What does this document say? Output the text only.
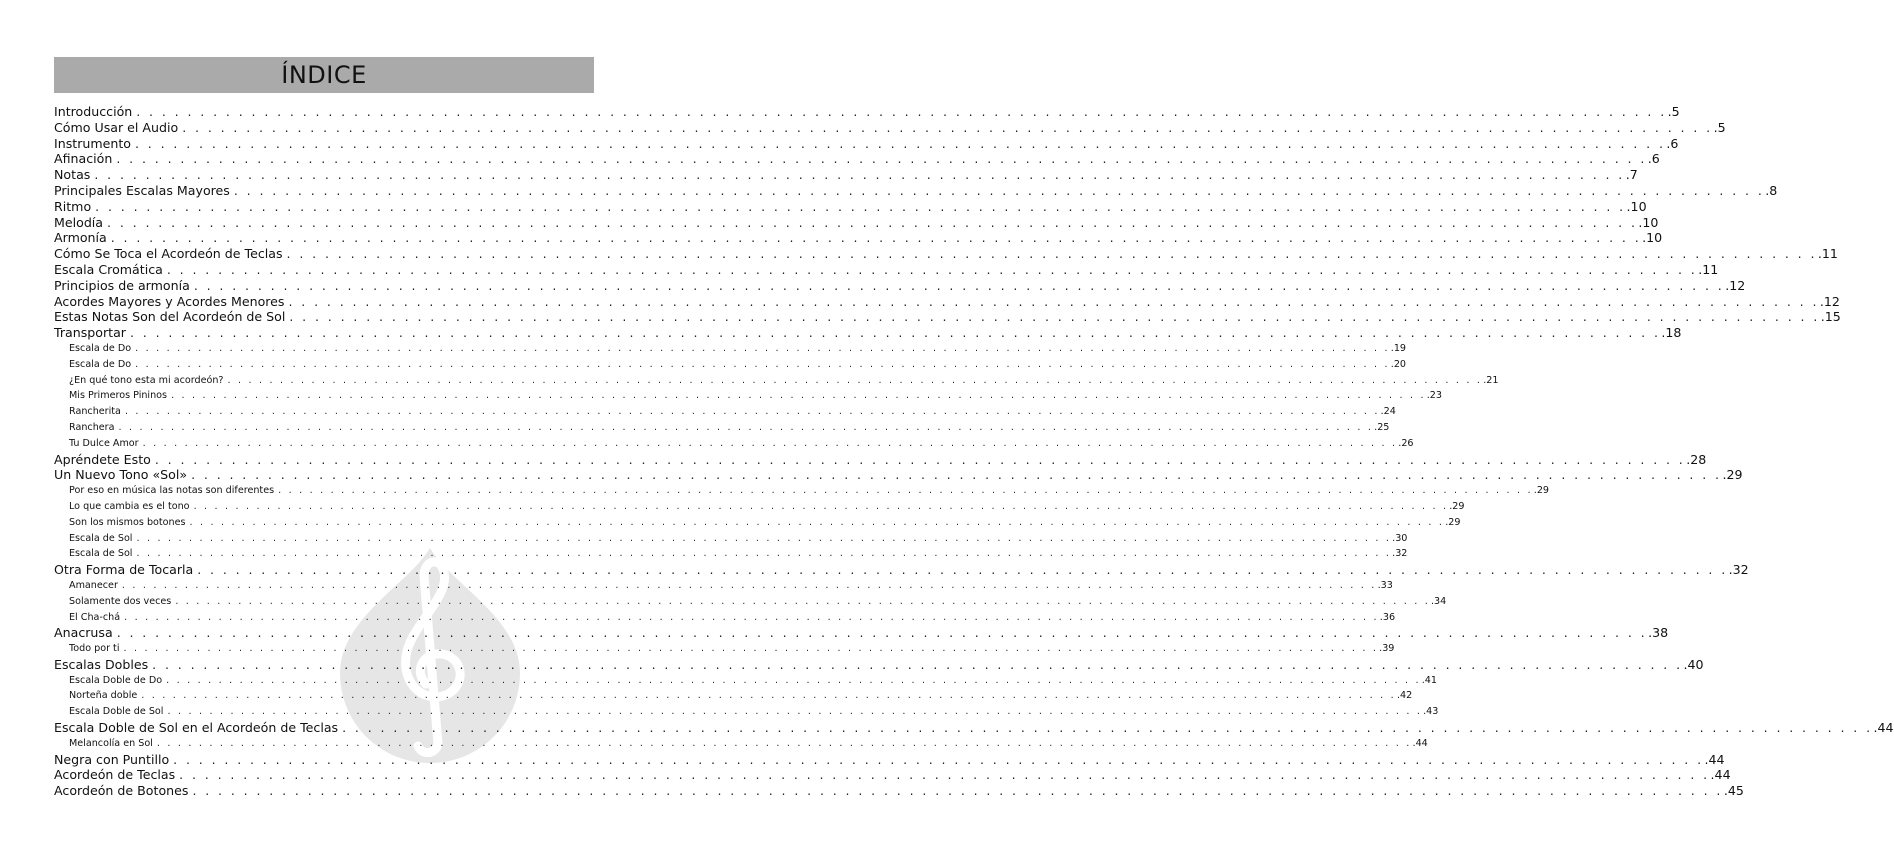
ÍNDICE
Introducción . . . . . . . . . . . . . . . . . . . . . . . . . . . . . . . . . . . . . . . . . . . . . . . . . . . . . . . . . . . . . . . . . . . . . . . . . . . . . . . . . . . . . . . . . . . . . . . . . . . . . . . . . . . . . . . . . . . . . . . . .5
Cómo Usar el Audio . . . . . . . . . . . . . . . . . . . . . . . . . . . . . . . . . . . . . . . . . . . . . . . . . . . . . . . . . . . . . . . . . . . . . . . . . . . . . . . . . . . . . . . . . . . . . . . . . . . . . . . . . . . . . . . . . . . . . . . . .5
Instrumento . . . . . . . . . . . . . . . . . . . . . . . . . . . . . . . . . . . . . . . . . . . . . . . . . . . . . . . . . . . . . . . . . . . . . . . . . . . . . . . . . . . . . . . . . . . . . . . . . . . . . . . . . . . . . . . . . . . . . . . . .6
Afinación . . . . . . . . . . . . . . . . . . . . . . . . . . . . . . . . . . . . . . . . . . . . . . . . . . . . . . . . . . . . . . . . . . . . . . . . . . . . . . . . . . . . . . . . . . . . . . . . . . . . . . . . . . . . . . . . . . . . . . . . .6
Notas . . . . . . . . . . . . . . . . . . . . . . . . . . . . . . . . . . . . . . . . . . . . . . . . . . . . . . . . . . . . . . . . . . . . . . . . . . . . . . . . . . . . . . . . . . . . . . . . . . . . . . . . . . . . . . . . . . . . . . . . .7
Principales Escalas Mayores . . . . . . . . . . . . . . . . . . . . . . . . . . . . . . . . . . . . . . . . . . . . . . . . . . . . . . . . . . . . . . . . . . . . . . . . . . . . . . . . . . . . . . . . . . . . . . . . . . . . . . . . . . . . . . . . . . . . . . . . .8
Ritmo . . . . . . . . . . . . . . . . . . . . . . . . . . . . . . . . . . . . . . . . . . . . . . . . . . . . . . . . . . . . . . . . . . . . . . . . . . . . . . . . . . . . . . . . . . . . . . . . . . . . . . . . . . . . . . . . . . . . . . . . .10
Melodía . . . . . . . . . . . . . . . . . . . . . . . . . . . . . . . . . . . . . . . . . . . . . . . . . . . . . . . . . . . . . . . . . . . . . . . . . . . . . . . . . . . . . . . . . . . . . . . . . . . . . . . . . . . . . . . . . . . . . . . . .10
Armonía . . . . . . . . . . . . . . . . . . . . . . . . . . . . . . . . . . . . . . . . . . . . . . . . . . . . . . . . . . . . . . . . . . . . . . . . . . . . . . . . . . . . . . . . . . . . . . . . . . . . . . . . . . . . . . . . . . . . . . . . .10
Cómo Se Toca el Acordeón de Teclas . . . . . . . . . . . . . . . . . . . . . . . . . . . . . . . . . . . . . . . . . . . . . . . . . . . . . . . . . . . . . . . . . . . . . . . . . . . . . . . . . . . . . . . . . . . . . . . . . . . . . . . . . . . . . . . . . . . . . . . . .11
Escala Cromática . . . . . . . . . . . . . . . . . . . . . . . . . . . . . . . . . . . . . . . . . . . . . . . . . . . . . . . . . . . . . . . . . . . . . . . . . . . . . . . . . . . . . . . . . . . . . . . . . . . . . . . . . . . . . . . . . . . . . . . . .11
Principios de armonía . . . . . . . . . . . . . . . . . . . . . . . . . . . . . . . . . . . . . . . . . . . . . . . . . . . . . . . . . . . . . . . . . . . . . . . . . . . . . . . . . . . . . . . . . . . . . . . . . . . . . . . . . . . . . . . . . . . . . . . . .12
Acordes Mayores y Acordes Menores . . . . . . . . . . . . . . . . . . . . . . . . . . . . . . . . . . . . . . . . . . . . . . . . . . . . . . . . . . . . . . . . . . . . . . . . . . . . . . . . . . . . . . . . . . . . . . . . . . . . . . . . . . . . . . . . . . . . . . . . .12
Estas Notas Son del Acordeón de Sol . . . . . . . . . . . . . . . . . . . . . . . . . . . . . . . . . . . . . . . . . . . . . . . . . . . . . . . . . . . . . . . . . . . . . . . . . . . . . . . . . . . . . . . . . . . . . . . . . . . . . . . . . . . . . . . . . . . . . . . . .15
Transportar . . . . . . . . . . . . . . . . . . . . . . . . . . . . . . . . . . . . . . . . . . . . . . . . . . . . . . . . . . . . . . . . . . . . . . . . . . . . . . . . . . . . . . . . . . . . . . . . . . . . . . . . . . . . . . . . . . . . . . . . .18
Escala de Do . . . . . . . . . . . . . . . . . . . . . . . . . . . . . . . . . . . . . . . . . . . . . . . . . . . . . . . . . . . . . . . . . . . . . . . . . . . . . . . . . . . . . . . . . . . . . . . . . . . . . . . . . . . . . . . . . . . . . . . . .19
Escala de Do . . . . . . . . . . . . . . . . . . . . . . . . . . . . . . . . . . . . . . . . . . . . . . . . . . . . . . . . . . . . . . . . . . . . . . . . . . . . . . . . . . . . . . . . . . . . . . . . . . . . . . . . . . . . . . . . . . . . . . . . .20
¿En qué tono esta mi acordeón? . . . . . . . . . . . . . . . . . . . . . . . . . . . . . . . . . . . . . . . . . . . . . . . . . . . . . . . . . . . . . . . . . . . . . . . . . . . . . . . . . . . . . . . . . . . . . . . . . . . . . . . . . . . . . . . . . . . . . . . . .21
Mis Primeros Pininos . . . . . . . . . . . . . . . . . . . . . . . . . . . . . . . . . . . . . . . . . . . . . . . . . . . . . . . . . . . . . . . . . . . . . . . . . . . . . . . . . . . . . . . . . . . . . . . . . . . . . . . . . . . . . . . . . . . . . . . . .23
Rancherita . . . . . . . . . . . . . . . . . . . . . . . . . . . . . . . . . . . . . . . . . . . . . . . . . . . . . . . . . . . . . . . . . . . . . . . . . . . . . . . . . . . . . . . . . . . . . . . . . . . . . . . . . . . . . . . . . . . . . . . . .24
Ranchera . . . . . . . . . . . . . . . . . . . . . . . . . . . . . . . . . . . . . . . . . . . . . . . . . . . . . . . . . . . . . . . . . . . . . . . . . . . . . . . . . . . . . . . . . . . . . . . . . . . . . . . . . . . . . . . . . . . . . . . . .25
Tu Dulce Amor . . . . . . . . . . . . . . . . . . . . . . . . . . . . . . . . . . . . . . . . . . . . . . . . . . . . . . . . . . . . . . . . . . . . . . . . . . . . . . . . . . . . . . . . . . . . . . . . . . . . . . . . . . . . . . . . . . . . . . . . .26
Apréndete Esto . . . . . . . . . . . . . . . . . . . . . . . . . . . . . . . . . . . . . . . . . . . . . . . . . . . . . . . . . . . . . . . . . . . . . . . . . . . . . . . . . . . . . . . . . . . . . . . . . . . . . . . . . . . . . . . . . . . . . . . . .28
Un Nuevo Tono «Sol» . . . . . . . . . . . . . . . . . . . . . . . . . . . . . . . . . . . . . . . . . . . . . . . . . . . . . . . . . . . . . . . . . . . . . . . . . . . . . . . . . . . . . . . . . . . . . . . . . . . . . . . . . . . . . . . . . . . . . . . . .29
Por eso en música las notas son diferentes . . . . . . . . . . . . . . . . . . . . . . . . . . . . . . . . . . . . . . . . . . . . . . . . . . . . . . . . . . . . . . . . . . . . . . . . . . . . . . . . . . . . . . . . . . . . . . . . . . . . . . . . . . . . . . . . . . . . . . . . .29
Lo que cambia es el tono . . . . . . . . . . . . . . . . . . . . . . . . . . . . . . . . . . . . . . . . . . . . . . . . . . . . . . . . . . . . . . . . . . . . . . . . . . . . . . . . . . . . . . . . . . . . . . . . . . . . . . . . . . . . . . . . . . . . . . . . .29
Son los mismos botones . . . . . . . . . . . . . . . . . . . . . . . . . . . . . . . . . . . . . . . . . . . . . . . . . . . . . . . . . . . . . . . . . . . . . . . . . . . . . . . . . . . . . . . . . . . . . . . . . . . . . . . . . . . . . . . . . . . . . . . . .29
Escala de Sol . . . . . . . . . . . . . . . . . . . . . . . . . . . . . . . . . . . . . . . . . . . . . . . . . . . . . . . . . . . . . . . . . . . . . . . . . . . . . . . . . . . . . . . . . . . . . . . . . . . . . . . . . . . . . . . . . . . . . . . . .30
Escala de Sol . . . . . . . . . . . . . . . . . . . . . . . . . . . . . . . . . . . . . . . . . . . . . . . . . . . . . . . . . . . . . . . . . . . . . . . . . . . . . . . . . . . . . . . . . . . . . . . . . . . . . . . . . . . . . . . . . . . . . . . . .32
Otra Forma de Tocarla . . . . . . . . . . . . . . . . . . . . . . . . . . . . . . . . . . . . . . . . . . . . . . . . . . . . . . . . . . . . . . . . . . . . . . . . . . . . . . . . . . . . . . . . . . . . . . . . . . . . . . . . . . . . . . . . . . . . . . . . .32
Amanecer . . . . . . . . . . . . . . . . . . . . . . . . . . . . . . . . . . . . . . . . . . . . . . . . . . . . . . . . . . . . . . . . . . . . . . . . . . . . . . . . . . . . . . . . . . . . . . . . . . . . . . . . . . . . . . . . . . . . . . . . .33
Solamente dos veces . . . . . . . . . . . . . . . . . . . . . . . . . . . . . . . . . . . . . . . . . . . . . . . . . . . . . . . . . . . . . . . . . . . . . . . . . . . . . . . . . . . . . . . . . . . . . . . . . . . . . . . . . . . . . . . . . . . . . . . . .34
El Cha-chá . . . . . . . . . . . . . . . . . . . . . . . . . . . . . . . . . . . . . . . . . . . . . . . . . . . . . . . . . . . . . . . . . . . . . . . . . . . . . . . . . . . . . . . . . . . . . . . . . . . . . . . . . . . . . . . . . . . . . . . . .36
Anacrusa . . . . . . . . . . . . . . . . . . . . . . . . . . . . . . . . . . . . . . . . . . . . . . . . . . . . . . . . . . . . . . . . . . . . . . . . . . . . . . . . . . . . . . . . . . . . . . . . . . . . . . . . . . . . . . . . . . . . . . . . .38
Todo por ti . . . . . . . . . . . . . . . . . . . . . . . . . . . . . . . . . . . . . . . . . . . . . . . . . . . . . . . . . . . . . . . . . . . . . . . . . . . . . . . . . . . . . . . . . . . . . . . . . . . . . . . . . . . . . . . . . . . . . . . . .39
Escalas Dobles . . . . . . . . . . . . . . . . . . . . . . . . . . . . . . . . . . . . . . . . . . . . . . . . . . . . . . . . . . . . . . . . . . . . . . . . . . . . . . . . . . . . . . . . . . . . . . . . . . . . . . . . . . . . . . . . . . . . . . . . .40
Escala Doble de Do . . . . . . . . . . . . . . . . . . . . . . . . . . . . . . . . . . . . . . . . . . . . . . . . . . . . . . . . . . . . . . . . . . . . . . . . . . . . . . . . . . . . . . . . . . . . . . . . . . . . . . . . . . . . . . . . . . . . . . . . .41
Norteña doble . . . . . . . . . . . . . . . . . . . . . . . . . . . . . . . . . . . . . . . . . . . . . . . . . . . . . . . . . . . . . . . . . . . . . . . . . . . . . . . . . . . . . . . . . . . . . . . . . . . . . . . . . . . . . . . . . . . . . . . . .42
Escala Doble de Sol . . . . . . . . . . . . . . . . . . . . . . . . . . . . . . . . . . . . . . . . . . . . . . . . . . . . . . . . . . . . . . . . . . . . . . . . . . . . . . . . . . . . . . . . . . . . . . . . . . . . . . . . . . . . . . . . . . . . . . . . .43
Escala Doble de Sol en el Acordeón de Teclas . . . . . . . . . . . . . . . . . . . . . . . . . . . . . . . . . . . . . . . . . . . . . . . . . . . . . . . . . . . . . . . . . . . . . . . . . . . . . . . . . . . . . . . . . . . . . . . . . . . . . . . . . . . . . . . . . . . . . . . . .44
Melancolía en Sol . . . . . . . . . . . . . . . . . . . . . . . . . . . . . . . . . . . . . . . . . . . . . . . . . . . . . . . . . . . . . . . . . . . . . . . . . . . . . . . . . . . . . . . . . . . . . . . . . . . . . . . . . . . . . . . . . . . . . . . . .44
Negra con Puntillo . . . . . . . . . . . . . . . . . . . . . . . . . . . . . . . . . . . . . . . . . . . . . . . . . . . . . . . . . . . . . . . . . . . . . . . . . . . . . . . . . . . . . . . . . . . . . . . . . . . . . . . . . . . . . . . . . . . . . . . . .44
Acordeón de Teclas . . . . . . . . . . . . . . . . . . . . . . . . . . . . . . . . . . . . . . . . . . . . . . . . . . . . . . . . . . . . . . . . . . . . . . . . . . . . . . . . . . . . . . . . . . . . . . . . . . . . . . . . . . . . . . . . . . . . . . . . .44
Acordeón de Botones . . . . . . . . . . . . . . . . . . . . . . . . . . . . . . . . . . . . . . . . . . . . . . . . . . . . . . . . . . . . . . . . . . . . . . . . . . . . . . . . . . . . . . . . . . . . . . . . . . . . . . . . . . . . . . . . . . . . . . . . .45
